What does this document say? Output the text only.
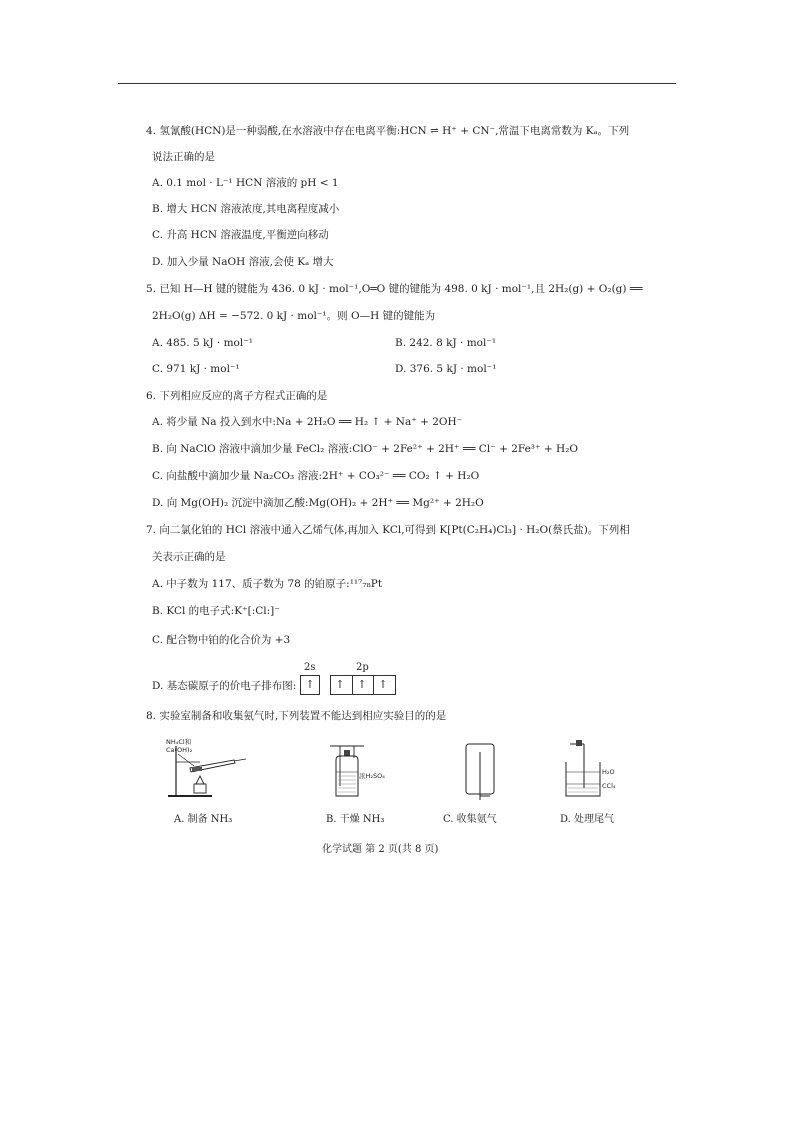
4. 氢氰酸(HCN)是一种弱酸,在水溶液中存在电离平衡:HCN ⇌ H⁺ + CN⁻,常温下电离常数为 Kₐ。下列
说法正确的是
A. 0.1 mol · L⁻¹ HCN 溶液的 pH < 1
B. 增大 HCN 溶液浓度,其电离程度减小
C. 升高 HCN 溶液温度,平衡逆向移动
D. 加入少量 NaOH 溶液,会使 Kₐ 增大
5. 已知 H—H 键的键能为 436. 0 kJ · mol⁻¹,O═O 键的键能为 498. 0 kJ · mol⁻¹,且 2H₂(g) + O₂(g) ══
2H₂O(g) ΔH = −572. 0 kJ · mol⁻¹。则 O—H 键的键能为
A. 485. 5 kJ · mol⁻¹	B. 242. 8 kJ · mol⁻¹
C. 971 kJ · mol⁻¹	D. 376. 5 kJ · mol⁻¹
6. 下列相应反应的离子方程式正确的是
A. 将少量 Na 投入到水中:Na + 2H₂O ══ H₂ ↑ + Na⁺ + 2OH⁻
B. 向 NaClO 溶液中滴加少量 FeCl₂ 溶液:ClO⁻ + 2Fe²⁺ + 2H⁺ ══ Cl⁻ + 2Fe³⁺ + H₂O
C. 向盐酸中滴加少量 Na₂CO₃ 溶液:2H⁺ + CO₃²⁻ ══ CO₂ ↑ + H₂O
D. 向 Mg(OH)₂ 沉淀中滴加乙酸:Mg(OH)₂ + 2H⁺ ══ Mg²⁺ + 2H₂O
7. 向二氯化铂的 HCl 溶液中通入乙烯气体,再加入 KCl,可得到 K[Pt(C₂H₄)Cl₃] · H₂O(蔡氏盐)。下列相
关表示正确的是
A. 中子数为 117、质子数为 78 的铂原子:¹¹⁷₇₈Pt
B. KCl 的电子式:K⁺[:Cl:]⁻
C. 配合物中铂的化合价为 +3
D. 基态碳原子的价电子排布图:
2s	2p
↑	↑	↑	↑
8. 实验室制备和收集氨气时,下列装置不能达到相应实验目的的是
NH₄Cl和
Ca(OH)₂
浓H₂SO₄	H₂O
CCl₄
A. 制备 NH₃	B. 干燥 NH₃	C. 收集氨气	D. 处理尾气
化学试题 第 2 页(共 8 页)
